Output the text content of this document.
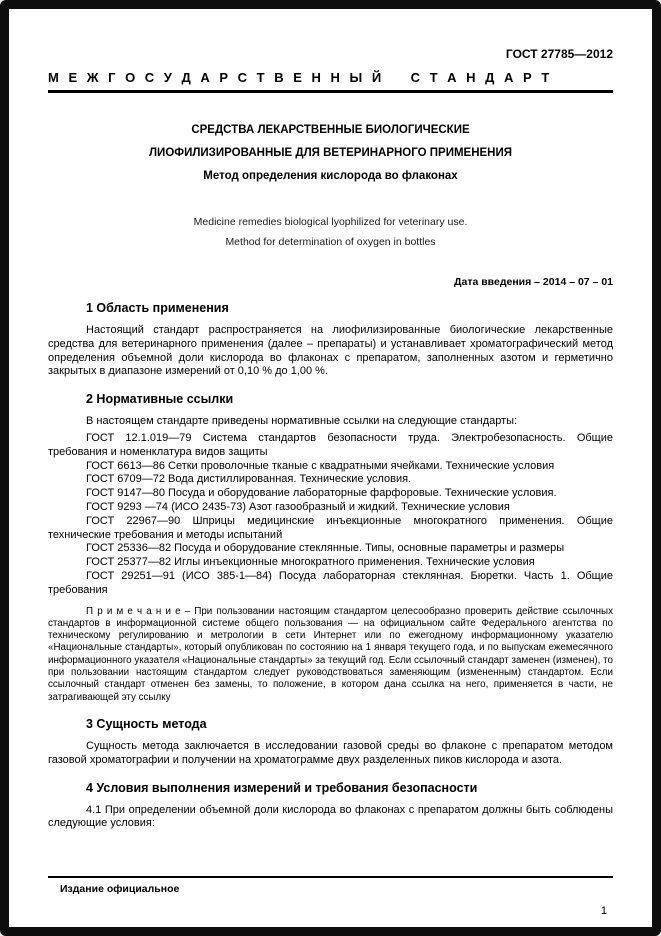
ГОСТ 27785—2012
М Е Ж Г О С У Д А Р С Т В Е Н Н Ы Й    С Т А Н Д А Р Т
СРЕДСТВА ЛЕКАРСТВЕННЫЕ БИОЛОГИЧЕСКИЕ
ЛИОФИЛИЗИРОВАННЫЕ ДЛЯ ВЕТЕРИНАРНОГО ПРИМЕНЕНИЯ
Метод определения кислорода во флаконах
Medicine remedies biological lyophilized for veterinary use.
Method for determination of oxygen in bottles
Дата введения – 2014 – 07 – 01
1 Область применения

Настоящий стандарт распространяется на лиофилизированные биологические лекарственные средства для ветеринарного применения (далее – препараты) и устанавливает хроматографический метод определения объемной доли кислорода во флаконах с препаратом, заполненных азотом и герметично закрытых в диапазоне измерений от 0,10 % до 1,00 %.

2 Нормативные ссылки

В настоящем стандарте приведены нормативные ссылки на следующие стандарты:

ГОСТ 12.1.019—79 Система стандартов безопасности труда. Электробезопасность. Общие требования и номенклатура видов защиты

ГОСТ 6613—86 Сетки проволочные тканые с квадратными ячейками. Технические условия

ГОСТ 6709—72 Вода дистиллированная. Технические условия.

ГОСТ 9147—80 Посуда и оборудование лабораторные фарфоровые. Технические условия.

ГОСТ 9293 —74 (ИСО 2435-73) Азот газообразный и жидкий. Технические условия

ГОСТ 22967—90 Шприцы медицинские инъекционные многократного применения. Общие технические требования и методы испытаний

ГОСТ 25336—82 Посуда и оборудование стеклянные. Типы, основные параметры и размеры

ГОСТ 25377—82 Иглы инъекционные многократного применения. Технические условия

ГОСТ 29251—91 (ИСО 385-1—84) Посуда лабораторная стеклянная. Бюретки. Часть 1. Общие требования

П р и м е ч а н и е – При пользовании настоящим стандартом целесообразно проверить действие ссылочных стандартов в информационной системе общего пользования — на официальном сайте Федерального агентства по техническому регулированию и метрологии в сети Интернет или по ежегодному информационному указателю «Национальные стандарты», который опубликован по состоянию на 1 января текущего года, и по выпускам ежемесячного информационного указателя «Национальные стандарты» за текущий год. Если ссылочный стандарт заменен (изменен), то при пользовании настоящим стандартом следует руководствоваться заменяющим (измененным) стандартом. Если ссылочный стандарт отменен без замены, то положение, в котором дана ссылка на него, применяется в части, не затрагивающей эту ссылку

3 Сущность метода

Сущность метода заключается в исследовании газовой среды во флаконе с препаратом методом газовой хроматографии и получении на хроматограмме двух разделенных пиков кислорода и азота.

4 Условия выполнения измерений и требования безопасности

4.1 При определении объемной доли кислорода во флаконах с препаратом должны быть соблюдены следующие условия:

Издание официальное
1
